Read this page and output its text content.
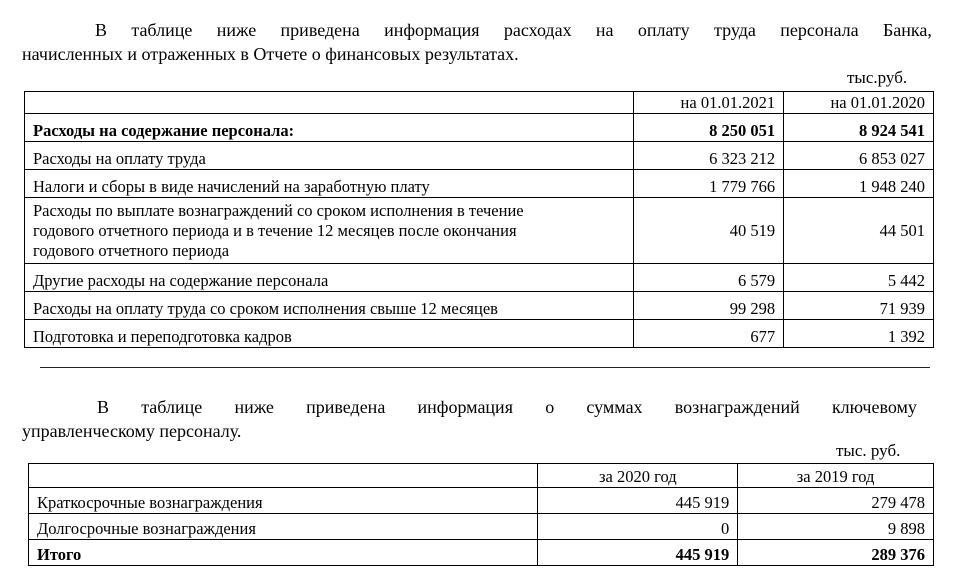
В таблице ниже приведена информация расходах на оплату труда персонала Банка,
начисленных и отраженных в Отчете о финансовых результатах.
тыс.руб.
	на 01.01.2021	на 01.01.2020
Расходы на содержание персонала:	8 250 051	8 924 541
Расходы на оплату труда	6 323 212	6 853 027
Налоги и сборы в виде начислений на заработную плату	1 779 766	1 948 240

Расходы по выплате вознаграждений со сроком исполнения в течение
годового отчетного периода и в течение 12 месяцев после окончания
годового отчетного периода	40 519	44 501
Другие расходы на содержание персонала	6 579	5 442
Расходы на оплату труда со сроком исполнения свыше 12 месяцев	99 298	71 939
Подготовка и переподготовка кадров	677	1 392
В таблице ниже приведена информация о суммах вознаграждений ключевому
управленческому персоналу.
тыс. руб.
	за 2020 год	за 2019 год
Краткосрочные вознаграждения	445 919	279 478
Долгосрочные вознаграждения	0	9 898
Итого	445 919	289 376
